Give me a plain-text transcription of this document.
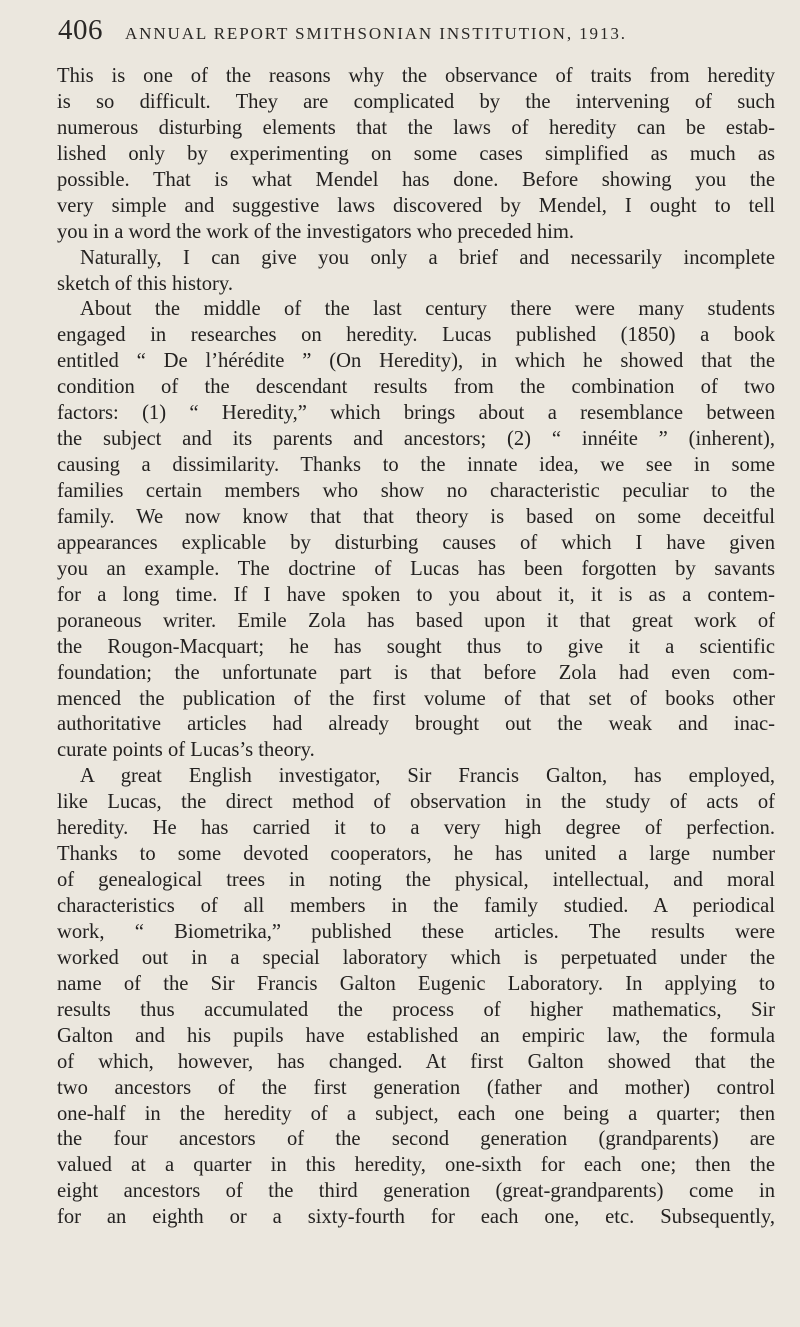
406 ANNUAL REPORT SMITHSONIAN INSTITUTION, 1913.
This is one of the reasons why the observance of traits from heredity
is so difficult. They are complicated by the intervening of such
numerous disturbing elements that the laws of heredity can be estab-
lished only by experimenting on some cases simplified as much as
possible. That is what Mendel has done. Before showing you the
very simple and suggestive laws discovered by Mendel, I ought to tell
you in a word the work of the investigators who preceded him.
Naturally, I can give you only a brief and necessarily incomplete
sketch of this history.
About the middle of the last century there were many students
engaged in researches on heredity. Lucas published (1850) a book
entitled “ De l’hérédite ” (On Heredity), in which he showed that the
condition of the descendant results from the combination of two
factors: (1) “ Heredity,” which brings about a resemblance between
the subject and its parents and ancestors; (2) “ innéite ” (inherent),
causing a dissimilarity. Thanks to the innate idea, we see in some
families certain members who show no characteristic peculiar to the
family. We now know that that theory is based on some deceitful
appearances explicable by disturbing causes of which I have given
you an example. The doctrine of Lucas has been forgotten by savants
for a long time. If I have spoken to you about it, it is as a contem-
poraneous writer. Emile Zola has based upon it that great work of
the Rougon-Macquart; he has sought thus to give it a scientific
foundation; the unfortunate part is that before Zola had even com-
menced the publication of the first volume of that set of books other
authoritative articles had already brought out the weak and inac-
curate points of Lucas’s theory.
A great English investigator, Sir Francis Galton, has employed,
like Lucas, the direct method of observation in the study of acts of
heredity. He has carried it to a very high degree of perfection.
Thanks to some devoted cooperators, he has united a large number
of genealogical trees in noting the physical, intellectual, and moral
characteristics of all members in the family studied. A periodical
work, “ Biometrika,” published these articles. The results were
worked out in a special laboratory which is perpetuated under the
name of the Sir Francis Galton Eugenic Laboratory. In applying to
results thus accumulated the process of higher mathematics, Sir
Galton and his pupils have established an empiric law, the formula
of which, however, has changed. At first Galton showed that the
two ancestors of the first generation (father and mother) control
one-half in the heredity of a subject, each one being a quarter; then
the four ancestors of the second generation (grandparents) are
valued at a quarter in this heredity, one-sixth for each one; then the
eight ancestors of the third generation (great-grandparents) come in
for an eighth or a sixty-fourth for each one, etc. Subsequently,
